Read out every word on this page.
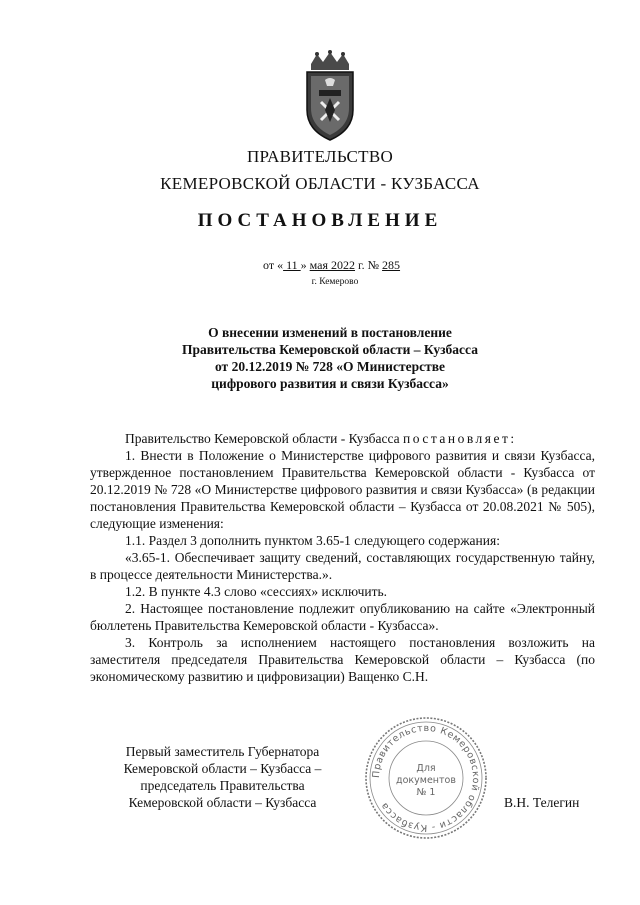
ПРАВИТЕЛЬСТВО
КЕМЕРОВСКОЙ ОБЛАСТИ - КУЗБАССА
ПОСТАНОВЛЕНИЕ
от « 11 » мая 2022 г. № 285
г. Кемерово
О внесении изменений в постановление
Правительства Кемеровской области – Кузбасса
от 20.12.2019 № 728 «О Министерстве
цифрового развития и связи Кузбасса»

Правительство Кемеровской области - Кузбасса постановляет:

1. Внести в Положение о Министерстве цифрового развития и связи Кузбасса, утвержденное постановлением Правительства Кемеровской области - Кузбасса от 20.12.2019 № 728 «О Министерстве цифрового развития и связи Кузбасса» (в редакции постановления Правительства Кемеровской области – Кузбасса от 20.08.2021 № 505), следующие изменения:

1.1. Раздел 3 дополнить пунктом 3.65-1 следующего содержания:

«3.65-1. Обеспечивает защиту сведений, составляющих государственную тайну, в процессе деятельности Министерства.».

1.2. В пункте 4.3 слово «сессиях» исключить.

2. Настоящее постановление подлежит опубликованию на сайте «Электронный бюллетень Правительства Кемеровской области - Кузбасса».

3. Контроль за исполнением настоящего постановления возложить на заместителя председателя Правительства Кемеровской области – Кузбасса (по экономическому развитию и цифровизации) Ващенко С.Н.

Первый заместитель Губернатора
Кемеровской области – Кузбасса –
председатель Правительства
Кемеровской области – Кузбасса
Правительство Кемеровской области - Кузбасса
Для
документов
№ 1
В.Н. Телегин
